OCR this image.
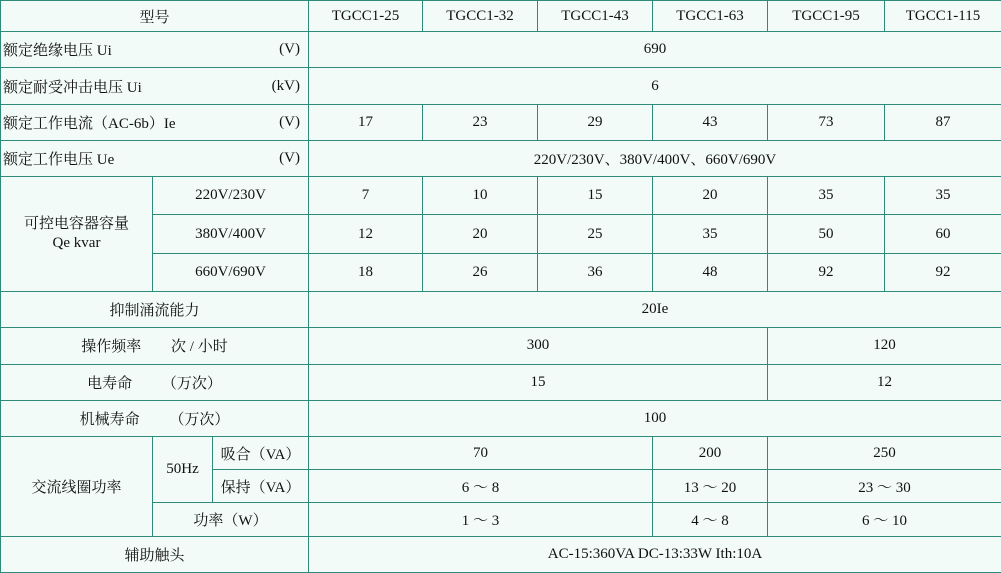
型号			TGCC1-25	TGCC1-32	TGCC1-43	TGCC1-63	TGCC1-95	TGCC1-115

额定绝缘电压 Ui (V)			690					

额定耐受冲击电压 Ui (kV)			6					

额定工作电流（AC-6b）Ie (V)			17	23	29	43	73	87

额定工作电压 Ue (V)			220V/230V、380V/400V、660V/690V					

可控电容器容量
Qe kvar	220V/230V		7	10	15	20	35	35
	380V/400V		12	20	25	35	50	60
	660V/690V		18	26	36	48	92	92
抑制涌流能力			20Ie					
操作频率 次 / 小时			300				120	
电寿命 （万次）			15				12	
机械寿命 （万次）			100					
交流线圈功率	50Hz	吸合（VA）	70			200	250	
		保持（VA）	6 ～ 8			13 ～ 20	23 ～ 30	
	功率（W）		1 ～ 3			4 ～ 8	6 ～ 10	
辅助触头			AC-15:360VA DC-13:33W Ith:10A					
